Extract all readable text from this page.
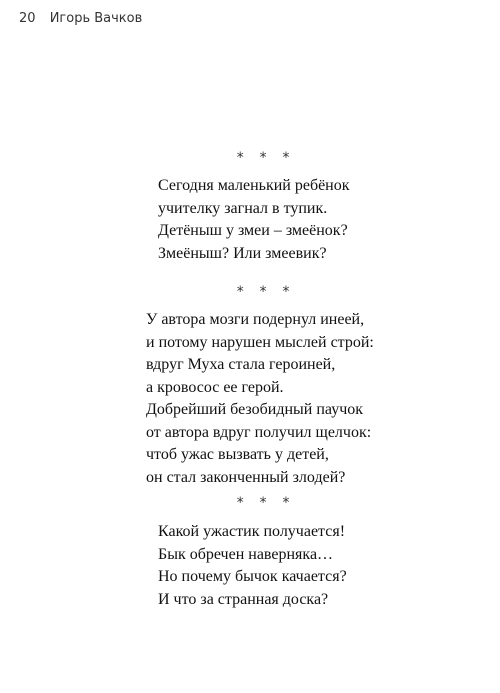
20 Игорь Вачков
* * *
Сегодня маленький ребёнок
учителку загнал в тупик.
Детёныш у змеи – змеёнок?
Змеёныш? Или змеевик?
* * *
У автора мозги подернул инеей,
и потому нарушен мыслей строй:
вдруг Муха стала героиней,
а кровосос ее герой.
Добрейший безобидный паучок
от автора вдруг получил щелчок:
чтоб ужас вызвать у детей,
он стал законченный злодей?
* * *
Какой ужастик получается!
Бык обречен наверняка…
Но почему бычок качается?
И что за странная доска?
